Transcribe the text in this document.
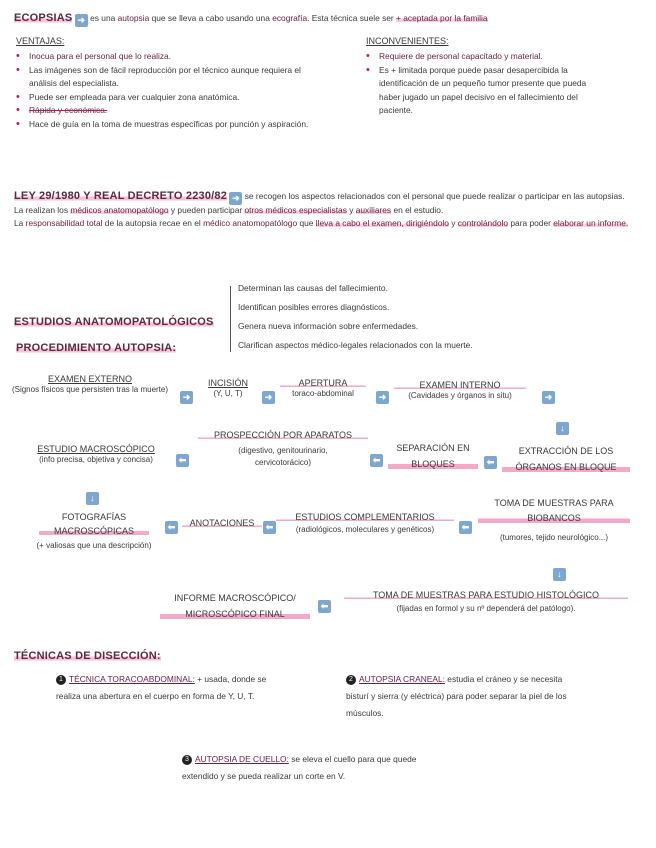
ECOPSIAS ➜ es una autopsia que se lleva a cabo usando una ecografía. Esta técnica suele ser + aceptada por la familia
VENTAJAS:
• Inocua para el personal que lo realiza.
• Las imágenes son de fácil reproducción por el técnico aunque requiera el análisis del especialista.
• Puede ser empleada para ver cualquier zona anatómica.
• Rápida y económica.
• Hace de guía en la toma de muestras específicas por punción y aspiración.
INCONVENIENTES:
• Requiere de personal capacitado y material.
• Es + limitada porque puede pasar desapercibida la identificación de un pequeño tumor presente que pueda haber jugado un papel decisivo en el fallecimiento del paciente.
LEY 29/1980 Y REAL DECRETO 2230/82 ➜ se recogen los aspectos relacionados con el personal que puede realizar o participar en las autopsias.
La realizan los médicos anatomopatólogo y pueden participar otros médicos especialistas y auxiliares en el estudio.
La responsabilidad total de la autopsia recae en el médico anatomopatólogo que lleva a cabo el examen, dirigiéndolo y controlándolo para poder elaborar un informe.
ESTUDIOS ANATOMOPATOLÓGICOS
Determinan las causas del fallecimiento.
Identifican posibles errores diagnósticos.
Genera nueva información sobre enfermedades.
Clarifican aspectos médico-legales relacionados con la muerte.
PROCEDIMIENTO AUTOPSIA:
EXAMEN EXTERNO
(Signos físicos que persisten tras la muerte)
➜
INCISIÓN
(Y, U, T)	➜
APERTURA
toraco-abdominal	➜
EXAMEN INTERNO
(Cavidades y órganos in situ)	➜
↓
ESTUDIO MACROSCÓPICO
(info precisa, objetiva y concisa)	⬅
PROSPECCIÓN POR APARATOS
(digestivo, genitourinario, cervicotorácico)	⬅
SEPARACIÓN EN BLOQUES	⬅
EXTRACCIÓN DE LOS ÓRGANOS EN BLOQUE
↓
FOTOGRAFÍAS MACROSCÓPICAS
(+ valiosas que una descripción)
⬅	ANOTACIONES	⬅
ESTUDIOS COMPLEMENTARIOS
(radiológicos, moleculares y genéticos)	⬅
TOMA DE MUESTRAS PARA BIOBANCOS
(tumores, tejido neurológico...)
↓
INFORME MACROSCÓPICO/ MICROSCÓPICO FINAL
⬅
TOMA DE MUESTRAS PARA ESTUDIO HISTOLÓGICO
(fijadas en formol y su nº dependerá del patólogo).
TÉCNICAS DE DISECCIÓN:
1 TÉCNICA TORACOABDOMINAL: + usada, donde se realiza una abertura en el cuerpo en forma de Y, U, T.
2 AUTOPSIA CRANEAL: estudia el cráneo y se necesita bisturí y sierra (y eléctrica) para poder separar la piel de los músculos.
3 AUTOPSIA DE CUELLO: se eleva el cuello para que quede extendido y se pueda realizar un corte en V.
